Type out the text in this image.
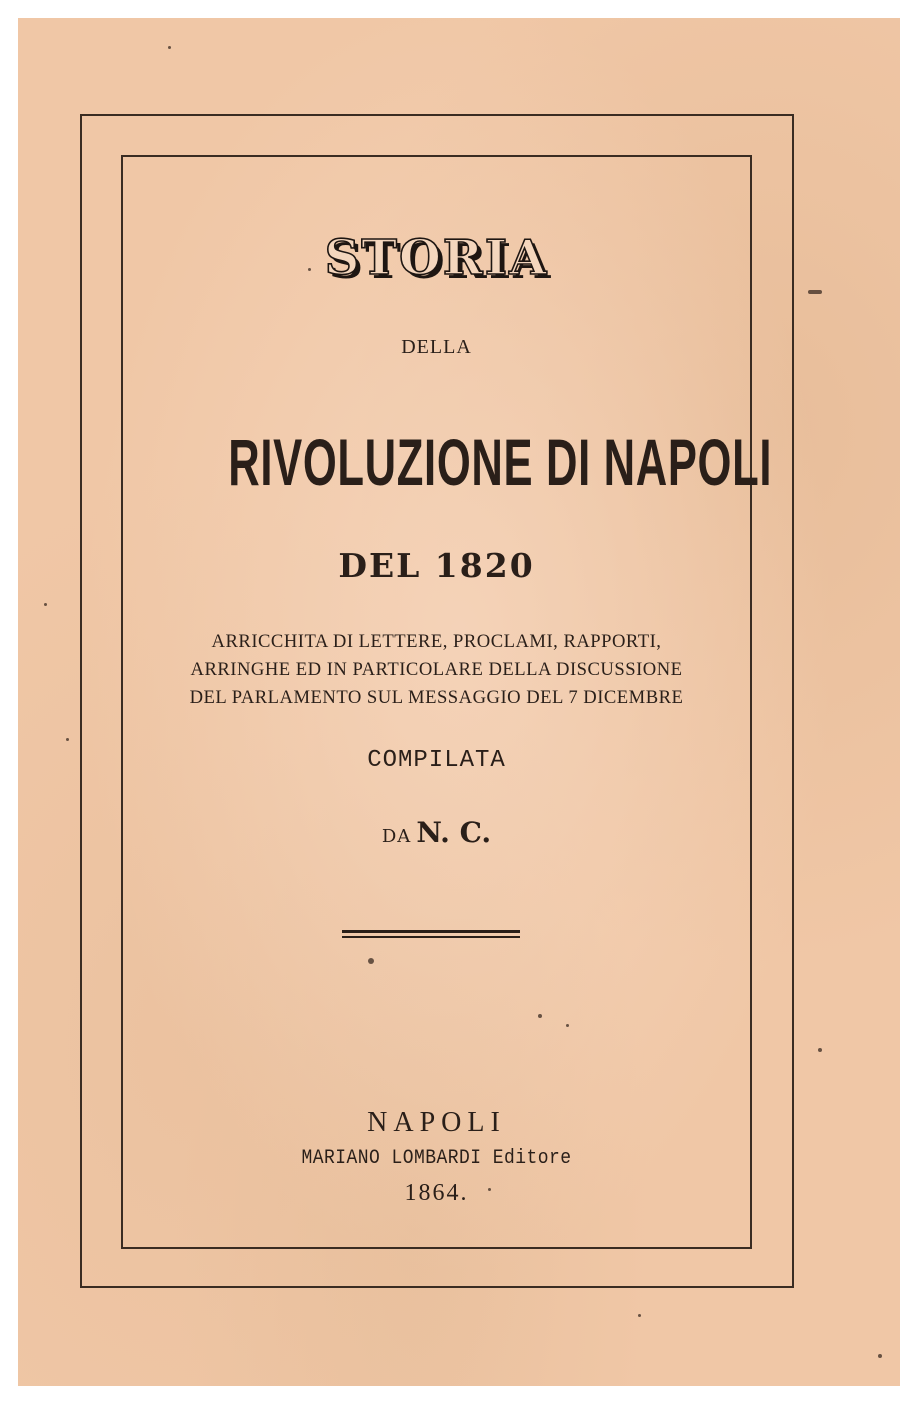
STORIA
DELLA
RIVOLUZIONE DI NAPOLI
DEL 1820
ARRICCHITA DI LETTERE, PROCLAMI, RAPPORTI,
ARRINGHE ED IN PARTICOLARE DELLA DISCUSSIONE
DEL PARLAMENTO SUL MESSAGGIO DEL 7 DICEMBRE
COMPILATA
DA N. C.
NAPOLI
MARIANO LOMBARDI Editore
1864.
